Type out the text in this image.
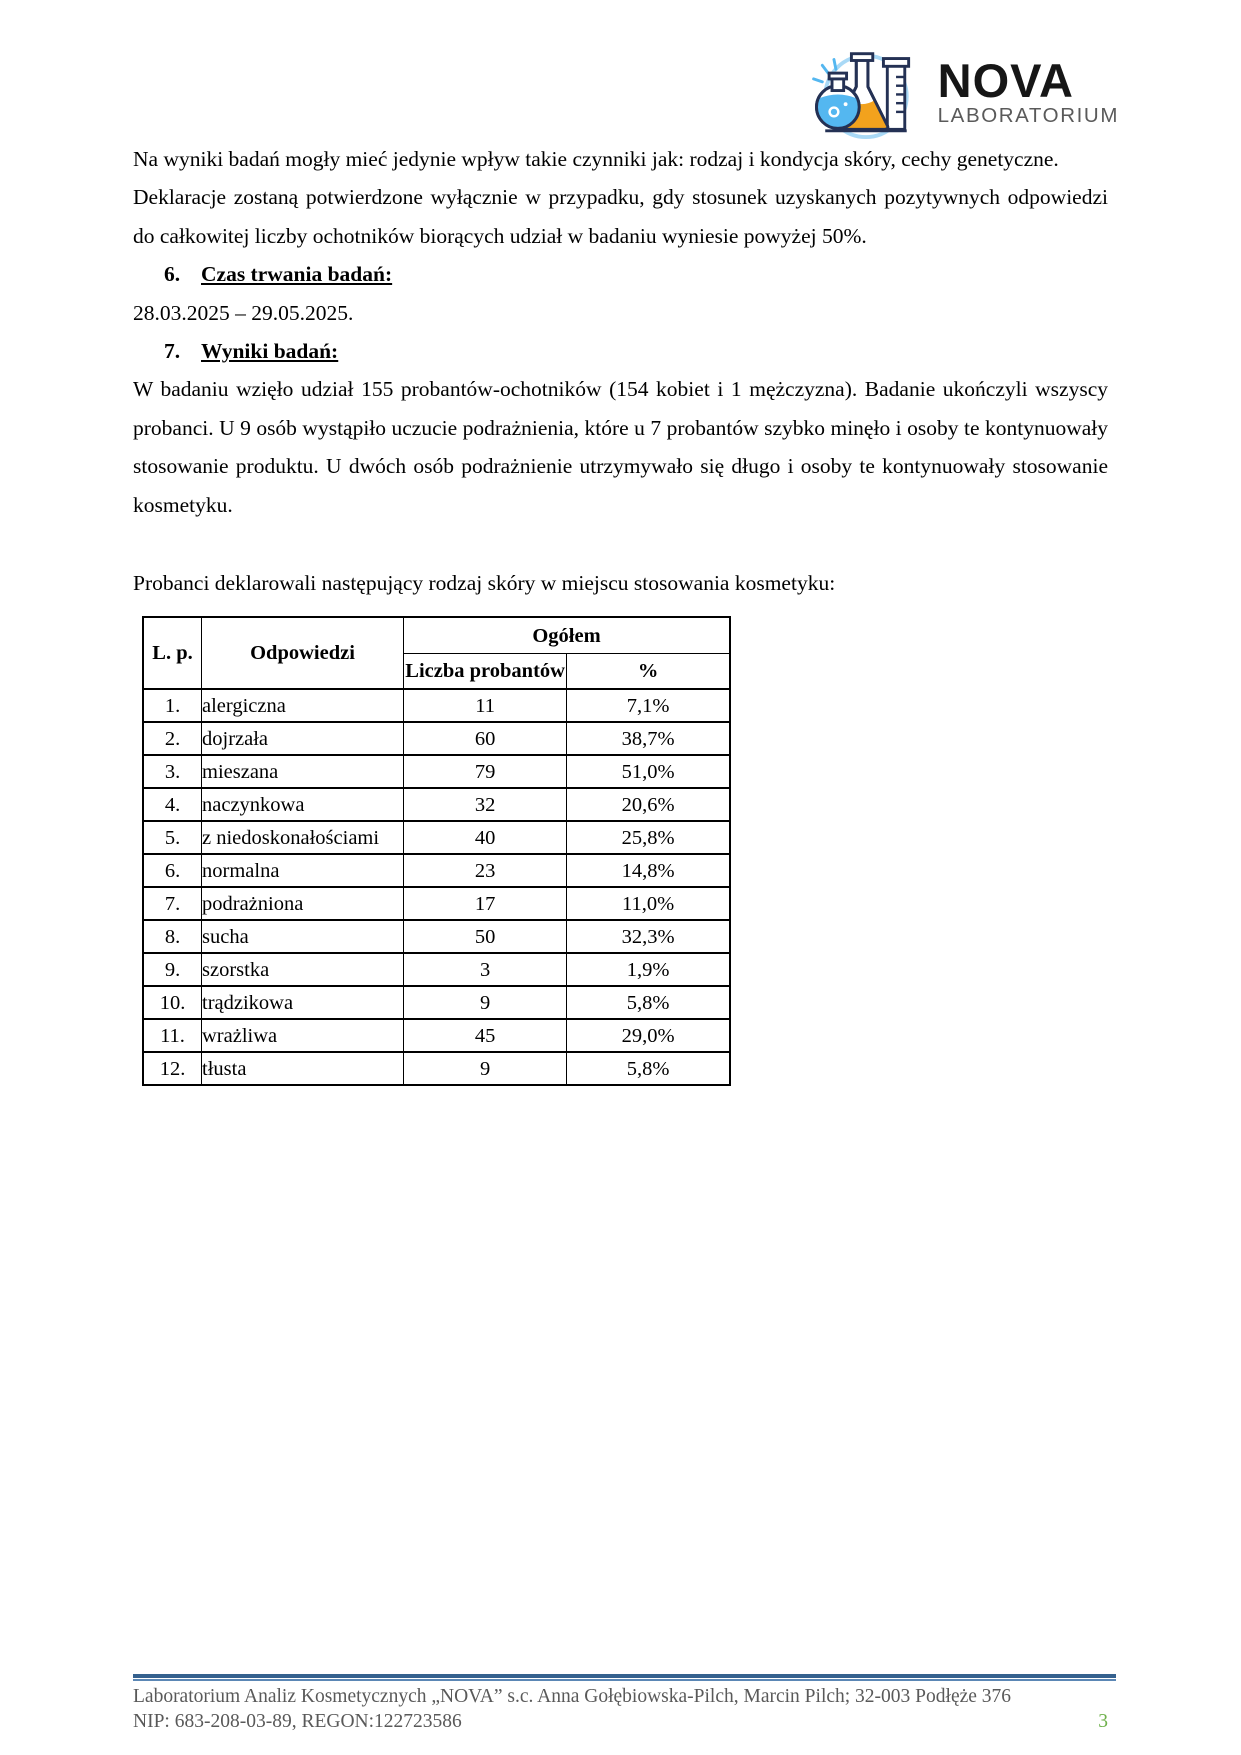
NOVA
LABORATORIUM

Na wyniki badań mogły mieć jedynie wpływ takie czynniki jak: rodzaj i kondycja skóry, cechy genetyczne.

Deklaracje zostaną potwierdzone wyłącznie w przypadku, gdy stosunek uzyskanych pozytywnych odpowiedzi do całkowitej liczby ochotników biorących udział w badaniu wyniesie powyżej 50%.

6. Czas trwania badań:

28.03.2025 – 29.05.2025.

7. Wyniki badań:

W badaniu wzięło udział 155 probantów-ochotników (154 kobiet i 1 mężczyzna). Badanie ukończyli wszyscy probanci. U 9 osób wystąpiło uczucie podrażnienia, które u 7 probantów szybko minęło i osoby te kontynuowały stosowanie produktu. U dwóch osób podrażnienie utrzymywało się długo i osoby te kontynuowały stosowanie kosmetyku.

Probanci deklarowali następujący rodzaj skóry w miejscu stosowania kosmetyku:

L. p.	Odpowiedzi	Ogółem	
		Liczba probantów	%
1.	alergiczna	11	7,1%
2.	dojrzała	60	38,7%
3.	mieszana	79	51,0%
4.	naczynkowa	32	20,6%
5.	z niedoskonałościami	40	25,8%
6.	normalna	23	14,8%
7.	podrażniona	17	11,0%
8.	sucha	50	32,3%
9.	szorstka	3	1,9%
10.	trądzikowa	9	5,8%
11.	wrażliwa	45	29,0%
12.	tłusta	9	5,8%

Laboratorium Analiz Kosmetycznych „NOVA” s.c. Anna Gołębiowska-Pilch, Marcin Pilch; 32-003 Podłęże 376

NIP: 683-208-03-89, REGON:122723586	3
